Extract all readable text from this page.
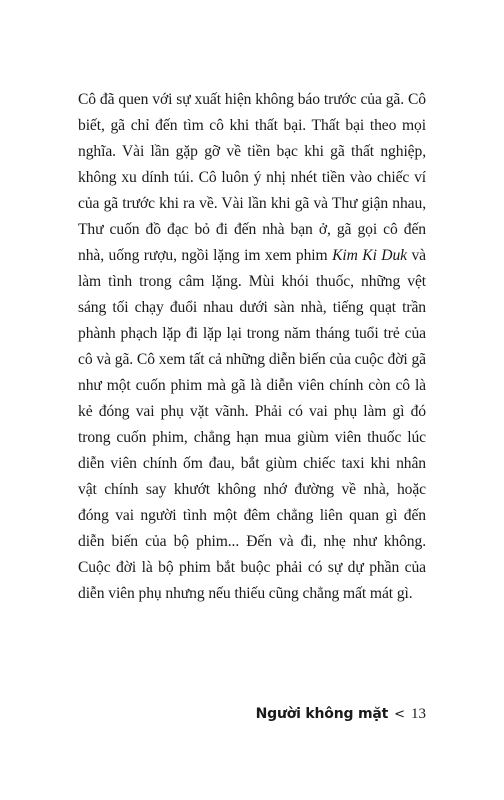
Cô đã quen với sự xuất hiện không báo trước của gã. Cô biết, gã chỉ đến tìm cô khi thất bại. Thất bại theo mọi nghĩa. Vài lần gặp gỡ về tiền bạc khi gã thất nghiệp, không xu dính túi. Cô luôn ý nhị nhét tiền vào chiếc ví của gã trước khi ra về. Vài lần khi gã và Thư giận nhau, Thư cuốn đồ đạc bỏ đi đến nhà bạn ở, gã gọi cô đến nhà, uống rượu, ngồi lặng im xem phim Kim Ki Duk và làm tình trong câm lặng. Mùi khói thuốc, những vệt sáng tối chạy đuổi nhau dưới sàn nhà, tiếng quạt trần phành phạch lặp đi lặp lại trong năm tháng tuổi trẻ của cô và gã. Cô xem tất cả những diễn biến của cuộc đời gã như một cuốn phim mà gã là diễn viên chính còn cô là kẻ đóng vai phụ vặt vãnh. Phải có vai phụ làm gì đó trong cuốn phim, chẳng hạn mua giùm viên thuốc lúc diễn viên chính ốm đau, bắt giùm chiếc taxi khi nhân vật chính say khướt không nhớ đường về nhà, hoặc đóng vai người tình một đêm chẳng liên quan gì đến diễn biến của bộ phim... Đến và đi, nhẹ như không. Cuộc đời là bộ phim bắt buộc phải có sự dự phần của diễn viên phụ nhưng nếu thiếu cũng chẳng mất mát gì.

Người không mặt < 13
